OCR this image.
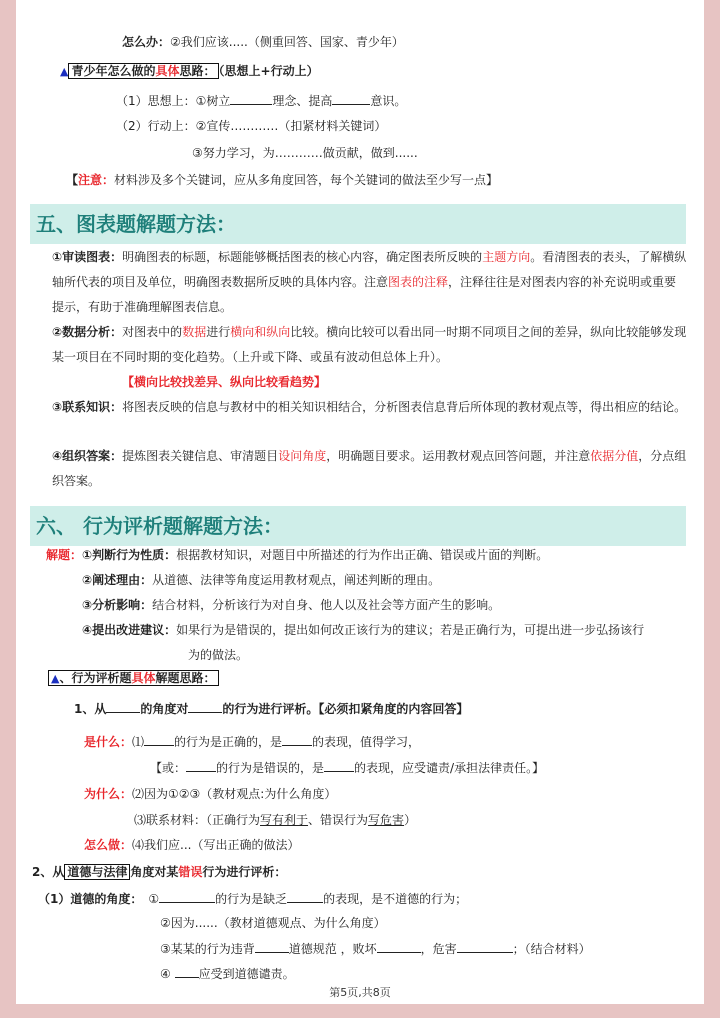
怎么办：②我们应该.....（侧重回答、国家、青少年）
▲ 青少年怎么做的具体思路： （思想上+行动上）
（1）思想上：①树立	理念、提高	意识。
（2）行动上：②宣传…………（扣紧材料关键词）
③努力学习，为…………做贡献，做到......
【注意：材料涉及多个关键词，应从多角度回答，每个关键词的做法至少写一点】
五、图表题解题方法：
①审读图表：明确图表的标题，标题能够概括图表的核心内容，确定图表所反映的主题方向。看清图表的表头，了解横纵轴所代表的项目及单位，明确图表数据所反映的具体内容。注意图表的注释，注释往往是对图表内容的补充说明或重要提示，有助于准确理解图表信息。
②数据分析：对图表中的数据进行横向和纵向比较。横向比较可以看出同一时期不同项目之间的差异，纵向比较能够发现某一项目在不同时期的变化趋势。（上升或下降、或虽有波动但总体上升）。
【横向比较找差异、纵向比较看趋势】
③联系知识：将图表反映的信息与教材中的相关知识相结合，分析图表信息背后所体现的教材观点等，得出相应的结论。
④组织答案：提炼图表关键信息、审清题目设问角度，明确题目要求。运用教材观点回答问题，并注意依据分值，分点组织答案。
六、 行为评析题解题方法：
解题：①判断行为性质：根据教材知识，对题目中所描述的行为作出正确、错误或片面的判断。
②阐述理由：从道德、法律等角度运用教材观点，阐述判断的理由。
③分析影响：结合材料，分析该行为对自身、他人以及社会等方面产生的影响。
④提出改进建议：如果行为是错误的，提出如何改正该行为的建议；若是正确行为，可提出进一步弘扬该行
为的做法。
▲、行为评析题具体解题思路：
1、从	的角度对	的行为进行评析。【必须扣紧角度的内容回答】
是什么：⑴	的行为是正确的，是	的表现，值得学习，
【或：	的行为是错误的，是	的表现，应受谴责/承担法律责任。】
为什么：⑵因为①②③（教材观点:为什么角度）
⑶联系材料：（正确行为写有利于、错误行为写危害）
怎么做：⑷我们应...（写出正确的做法）
2、从 道德与法律 角度对某错误行为进行评析：
（1）道德的角度： ①	的行为是缺乏	的表现，是不道德的行为；
②因为......（教材道德观点、为什么角度）
③某某的行为违背	道德规范 ，败坏	，危害	；（结合材料）
④ 应受到道德谴责。
第5页,共8页
